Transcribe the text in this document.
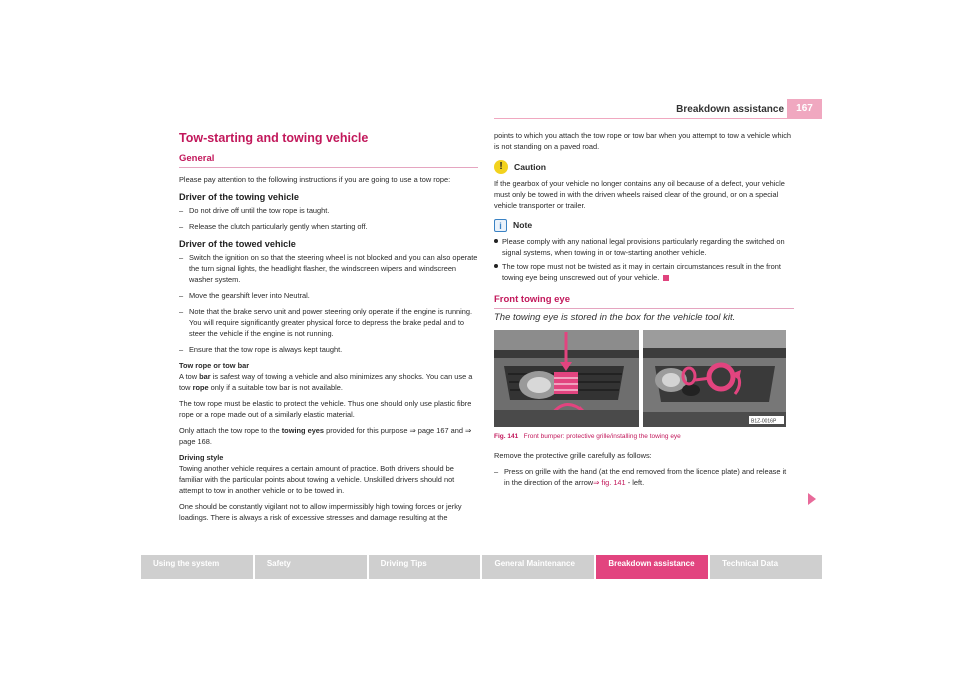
Breakdown assistance	167
Tow-starting and towing vehicle
General

Please pay attention to the following instructions if you are going to use a tow rope:

Driver of the towing vehicle
– Do not drive off until the tow rope is taught.
– Release the clutch particularly gently when starting off.
Driver of the towed vehicle
– Switch the ignition on so that the steering wheel is not blocked and you can also operate the turn signal lights, the headlight flasher, the windscreen wipers and windscreen washer system.
– Move the gearshift lever into Neutral.
– Note that the brake servo unit and power steering only operate if the engine is running. You will require significantly greater physical force to depress the brake pedal and to steer the vehicle if the engine is not running.
– Ensure that the tow rope is always kept taught.

Tow rope or tow bar

A tow bar is safest way of towing a vehicle and also minimizes any shocks. You can use a tow rope only if a suitable tow bar is not available.

The tow rope must be elastic to protect the vehicle. Thus one should only use plastic fibre rope or a rope made out of a similarly elastic material.

Only attach the tow rope to the towing eyes provided for this purpose ⇒ page 167 and ⇒ page 168.

Driving style

Towing another vehicle requires a certain amount of practice. Both drivers should be familiar with the particular points about towing a vehicle. Unskilled drivers should not attempt to tow in another vehicle or to be towed in.

One should be constantly vigilant not to allow impermissibly high towing forces or jerky loadings. There is always a risk of excessive stresses and damage resulting at the

points to which you attach the tow rope or tow bar when you attempt to tow a vehicle which is not standing on a paved road.

!
Caution

If the gearbox of your vehicle no longer contains any oil because of a defect, your vehicle must only be towed in with the driven wheels raised clear of the ground, or on a special vehicle transporter or trailer.

i	Note
Please comply with any national legal provisions particularly regarding the switched on signal systems, when towing in or tow-starting another vehicle.
The tow rope must not be twisted as it may in certain circumstances result in the front towing eye being unscrewed out of your vehicle.
Front towing eye

The towing eye is stored in the box for the vehicle tool kit.

B1Z-0016P

Fig. 141 Front bumper: protective grille/installing the towing eye

Remove the protective grille carefully as follows:

– Press on grille with the hand (at the end removed from the licence plate) and release it in the direction of the arrow⇒ fig. 141 - left.
Using the system	Safety	Driving Tips	General Maintenance	Breakdown assistance	Technical Data
